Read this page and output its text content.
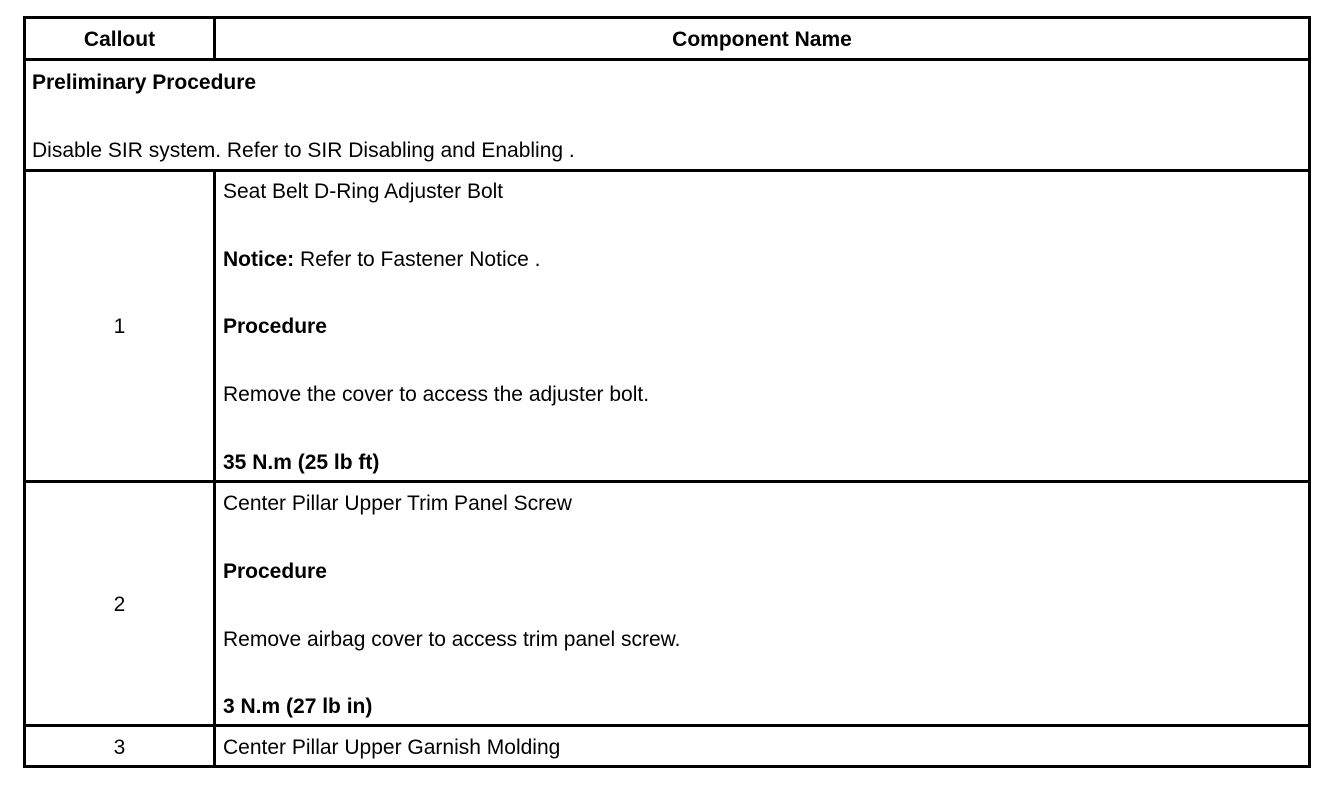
Callout	Component Name
Preliminary Procedure
Disable SIR system. Refer to SIR Disabling and Enabling .
1
Seat Belt D-Ring Adjuster Bolt
Notice: Refer to Fastener Notice .
Procedure
Remove the cover to access the adjuster bolt.
35 N.m (25 lb ft)
2
Center Pillar Upper Trim Panel Screw
Procedure
Remove airbag cover to access trim panel screw.
3 N.m (27 lb in)
3	Center Pillar Upper Garnish Molding
